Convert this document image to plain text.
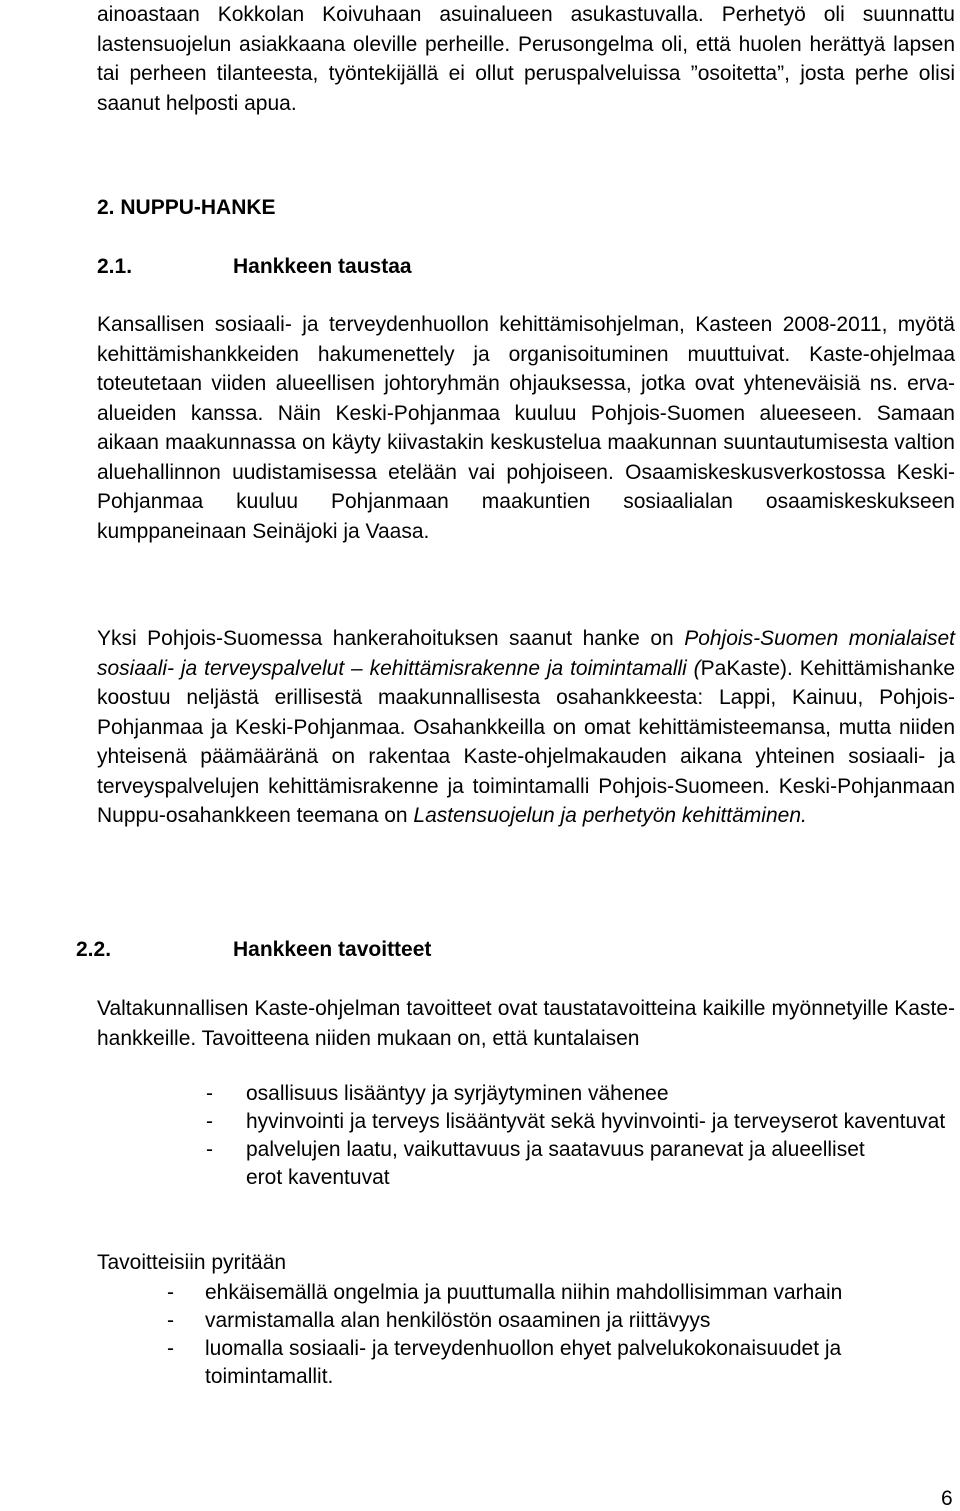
ainoastaan Kokkolan Koivuhaan asuinalueen asukastuvalla. Perhetyö oli suunnattu lastensuojelun asiakkaana oleville perheille. Perusongelma oli, että huolen herättyä lapsen tai perheen tilanteesta, työntekijällä ei ollut peruspalveluissa ”osoitetta”, josta perhe olisi saanut helposti apua.

2. NUPPU-HANKE
2.1.	Hankkeen taustaa

Kansallisen sosiaali- ja terveydenhuollon kehittämisohjelman, Kasteen 2008-2011, myötä kehittämishankkeiden hakumenettely ja organisoituminen muuttuivat. Kaste-ohjelmaa toteutetaan viiden alueellisen johtoryhmän ohjauksessa, jotka ovat yhteneväisiä ns. erva-alueiden kanssa. Näin Keski-Pohjanmaa kuuluu Pohjois-Suomen alueeseen. Samaan aikaan maakunnassa on käyty kiivastakin keskustelua maakunnan suuntautumisesta valtion aluehallinnon uudistamisessa etelään vai pohjoiseen. Osaamiskeskusverkostossa Keski-Pohjanmaa kuuluu Pohjanmaan maakuntien sosiaalialan osaamiskeskukseen kumppaneinaan Seinäjoki ja Vaasa.

Yksi Pohjois-Suomessa hankerahoituksen saanut hanke on Pohjois-Suomen monialaiset sosiaali- ja terveyspalvelut – kehittämisrakenne ja toimintamalli (PaKaste). Kehittämishanke koostuu neljästä erillisestä maakunnallisesta osahankkeesta: Lappi, Kainuu, Pohjois-Pohjanmaa ja Keski-Pohjanmaa. Osahankkeilla on omat kehittämisteemansa, mutta niiden yhteisenä päämääränä on rakentaa Kaste-ohjelmakauden aikana yhteinen sosiaali- ja terveyspalvelujen kehittämisrakenne ja toimintamalli Pohjois-Suomeen. Keski-Pohjanmaan Nuppu-osahankkeen teemana on Lastensuojelun ja perhetyön kehittäminen.

2.2.	Hankkeen tavoitteet

Valtakunnallisen Kaste-ohjelman tavoitteet ovat taustatavoitteina kaikille myönnetyille Kaste-hankkeille. Tavoitteena niiden mukaan on, että kuntalaisen

- osallisuus lisääntyy ja syrjäytyminen vähenee
- hyvinvointi ja terveys lisääntyvät sekä hyvinvointi- ja terveyserot kaventuvat
- palvelujen laatu, vaikuttavuus ja saatavuus paranevat ja alueelliset erot kaventuvat
Tavoitteisiin pyritään
- ehkäisemällä ongelmia ja puuttumalla niihin mahdollisimman varhain
- varmistamalla alan henkilöstön osaaminen ja riittävyys
- luomalla sosiaali- ja terveydenhuollon ehyet palvelukokonaisuudet ja toimintamallit.
6
